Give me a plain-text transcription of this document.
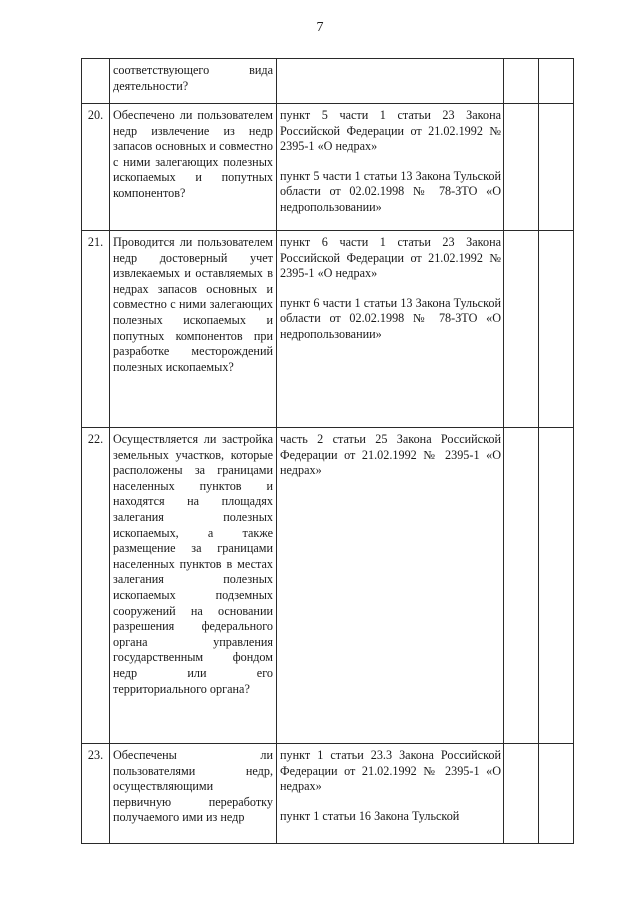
7
	соответствующего вида деятельности?			
20.	Обеспечено ли пользователем недр извлечение из недр запасов основных и совместно с ними залегающих полезных ископаемых и попутных компонентов?	пункт 5 части 1 статьи 23 Закона Российской Федерации от 21.02.1992 № 2395-1 «О недрах»
пункт 5 части 1 статьи 13 Закона Тульской области от 02.02.1998 № 78-ЗТО «О недропользовании»		

21.	Проводится ли пользователем недр достоверный учет извлекаемых и оставляемых в недрах запасов основных и совместно с ними залегающих полезных ископаемых и попутных компонентов при разработке месторождений полезных ископаемых?	пункт 6 части 1 статьи 23 Закона Российской Федерации от 21.02.1992 № 2395-1 «О недрах»
пункт 6 части 1 статьи 13 Закона Тульской области от 02.02.1998 № 78-ЗТО «О недропользовании»		

22.	Осуществляется ли застройка земельных участков, которые расположены за границами населенных пунктов и находятся на площадях залегания полезных ископаемых, а также размещение за границами населенных пунктов в местах залегания полезных ископаемых подземных сооружений на основании разрешения федерального органа управления государственным фондом недр или его территориального органа?	часть 2 статьи 25 Закона Российской Федерации от 21.02.1992 № 2395-1 «О недрах»		

23.	Обеспечены ли пользователями недр, осуществляющими первичную переработку получаемого ими из недр	пункт 1 статьи 23.3 Закона Российской Федерации от 21.02.1992 № 2395-1 «О недрах»
пункт 1 статьи 16 Закона Тульской		
